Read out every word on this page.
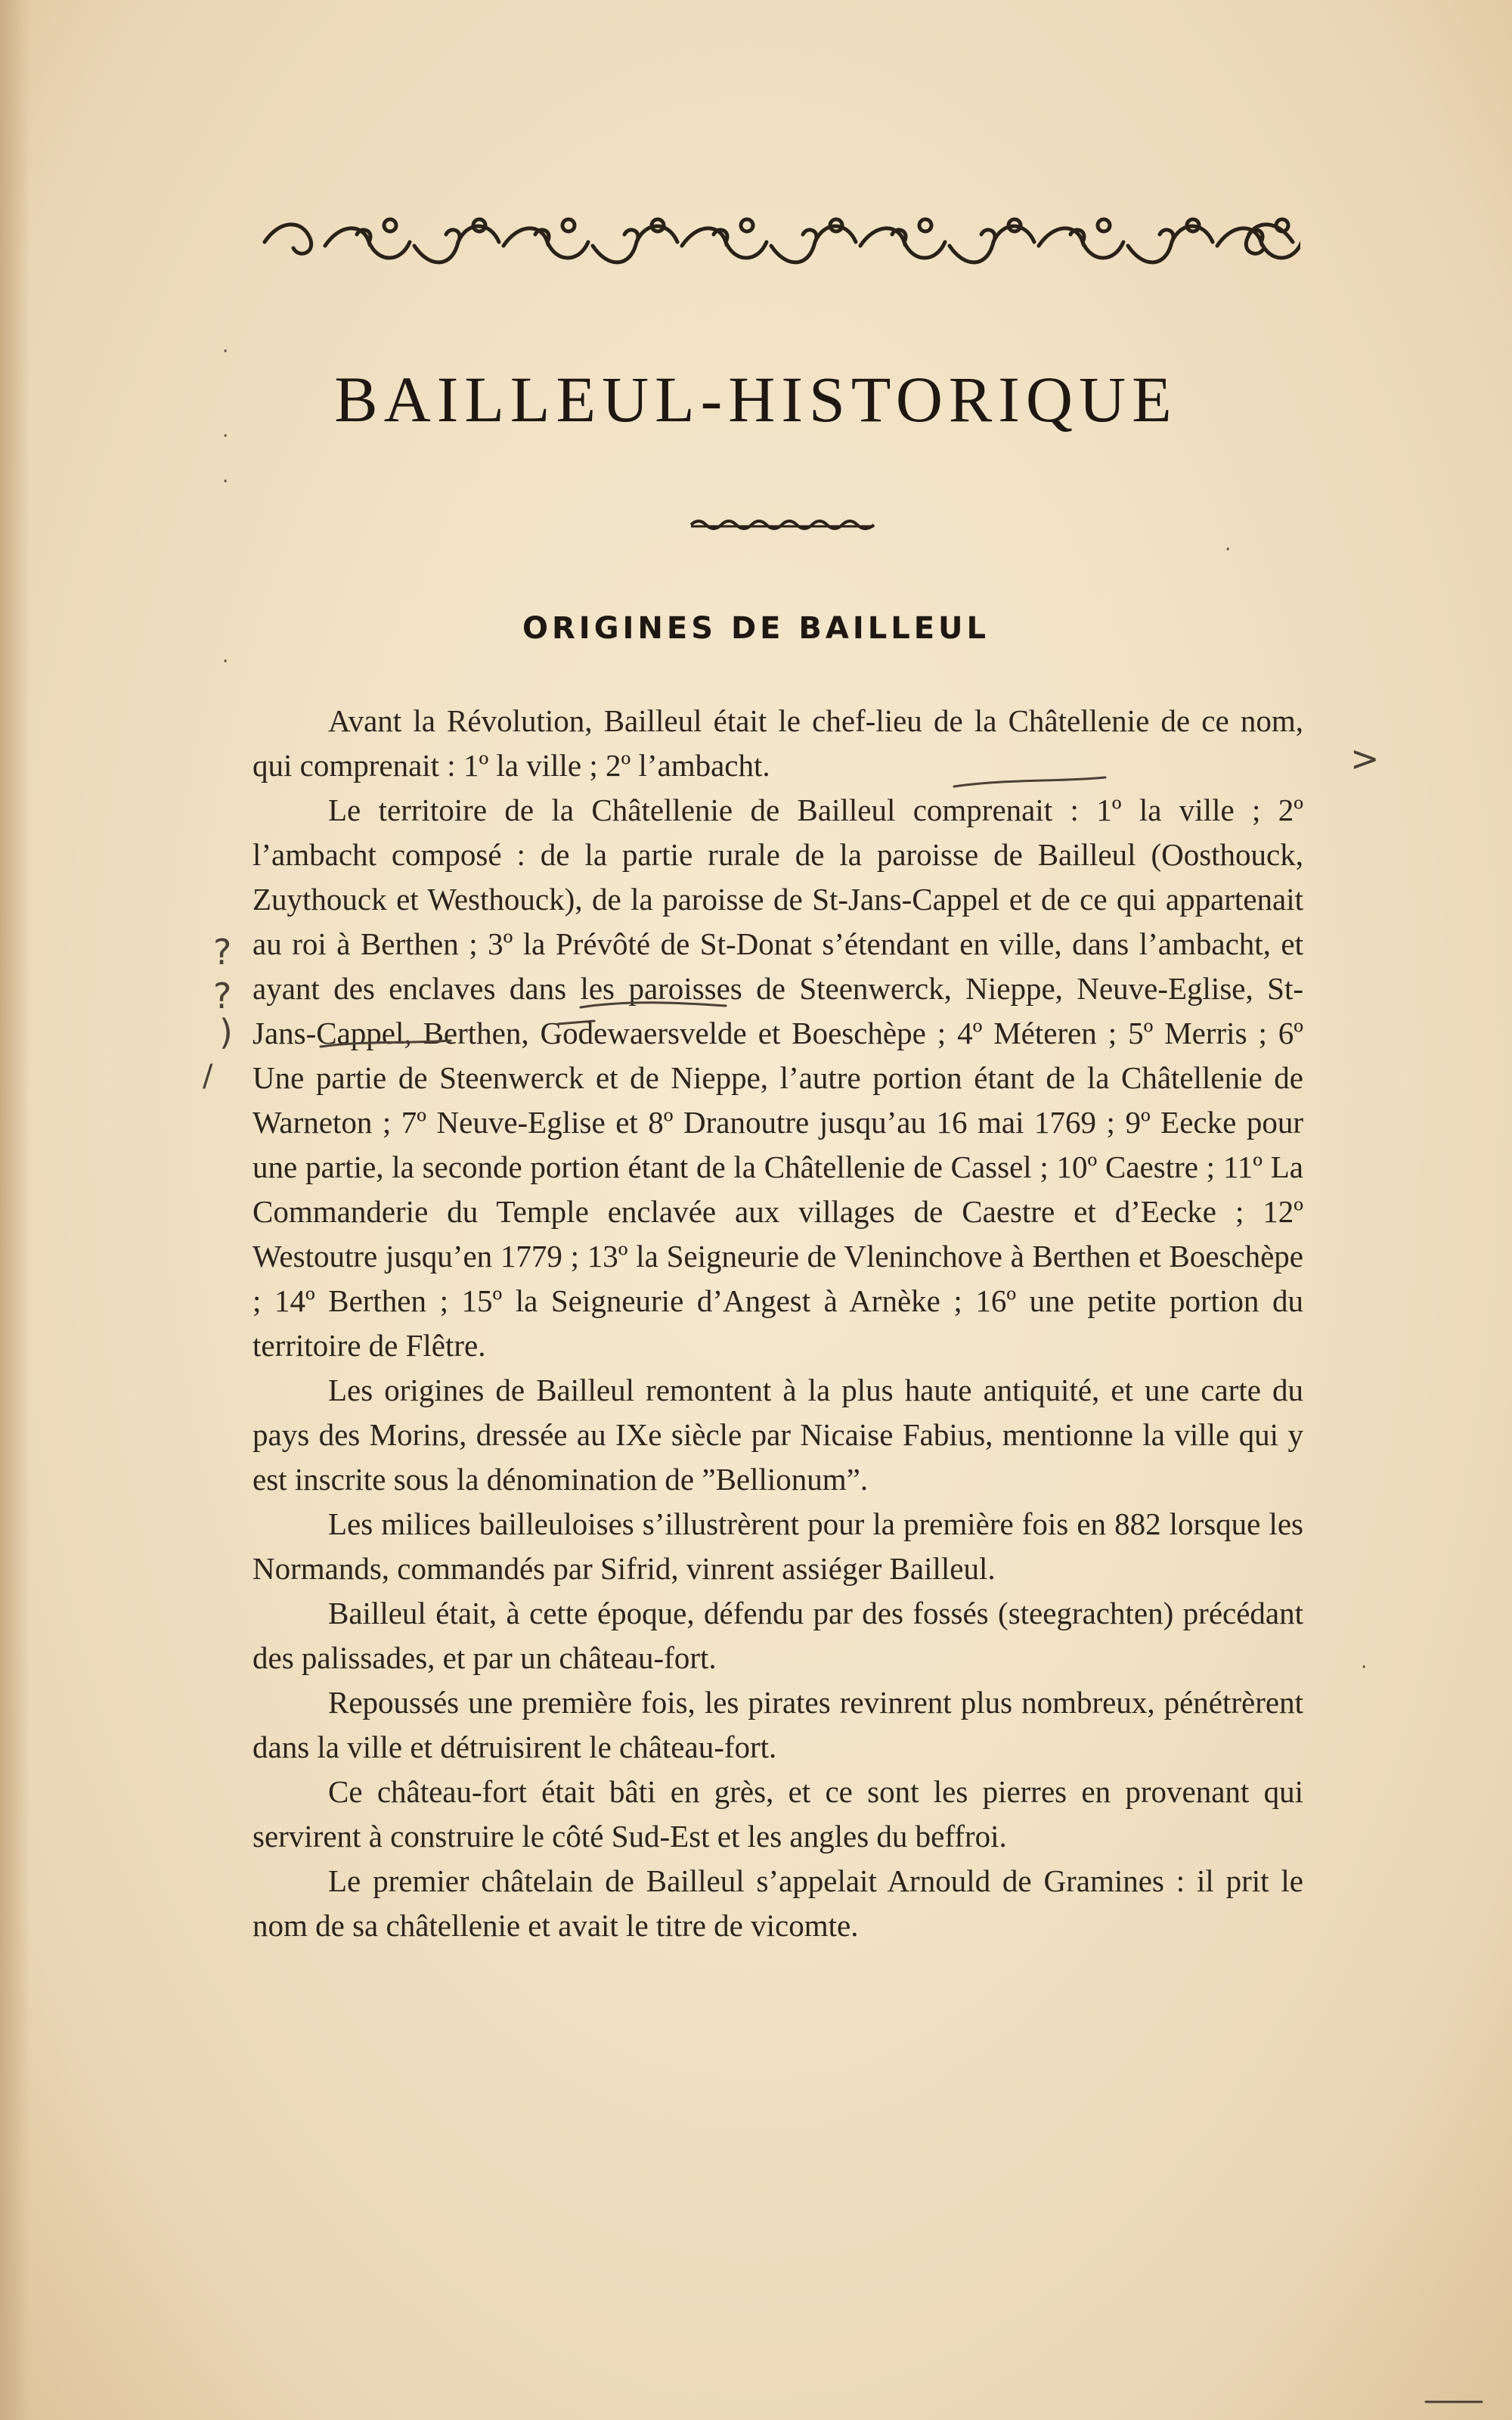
BAILLEUL-HISTORIQUE
ORIGINES DE BAILLEUL

Avant la Révolution, Bailleul était le chef-lieu de la Châtellenie de ce nom, qui comprenait : 1º la ville ; 2º l’ambacht.

Le territoire de la Châtellenie de Bailleul comprenait : 1º la ville ; 2º l’ambacht composé : de la partie rurale de la paroisse de Bailleul (Oosthouck, Zuythouck et Westhouck), de la paroisse de St-Jans-Cappel et de ce qui appartenait au roi à Berthen ; 3º la Prévôté de St-Donat s’étendant en ville, dans l’ambacht, et ayant des enclaves dans les paroisses de Steenwerck, Nieppe, Neuve-Eglise, St-Jans-Cappel, Berthen, Godewaersvelde et Boeschèpe ; 4º Méteren ; 5º Merris ; 6º Une partie de Steenwerck et de Nieppe, l’autre portion étant de la Châtellenie de Warneton ; 7º Neuve-Eglise et 8º Dranoutre jusqu’au 16 mai 1769 ; 9º Eecke pour une partie, la seconde portion étant de la Châtellenie de Cassel ; 10º Caestre ; 11º La Commanderie du Temple enclavée aux villages de Caestre et d’Eecke ; 12º Westoutre jusqu’en 1779 ; 13º la Seigneurie de Vleninchove à Berthen et Boeschèpe ; 14º Berthen ; 15º la Seigneurie d’Angest à Arnèke ; 16º une petite portion du territoire de Flêtre.

Les origines de Bailleul remontent à la plus haute antiquité, et une carte du pays des Morins, dressée au IXe siècle par Nicaise Fabius, mentionne la ville qui y est inscrite sous la dénomination de ”Bellionum”.

Les milices bailleuloises s’illustrèrent pour la première fois en 882 lorsque les Normands, commandés par Sifrid, vinrent assiéger Bailleul.

Bailleul était, à cette époque, défendu par des fossés (steegrachten) précédant des palissades, et par un château-fort.

Repoussés une première fois, les pirates revinrent plus nombreux, pénétrèrent dans la ville et détruisirent le château-fort.

Ce château-fort était bâti en grès, et ce sont les pierres en provenant qui servirent à construire le côté Sud-Est et les angles du beffroi.

Le premier châtelain de Bailleul s’appelait Arnould de Gramines : il prit le nom de sa châtellenie et avait le titre de vicomte.

?
?
)
/
>
·
·
·
·
·
·
